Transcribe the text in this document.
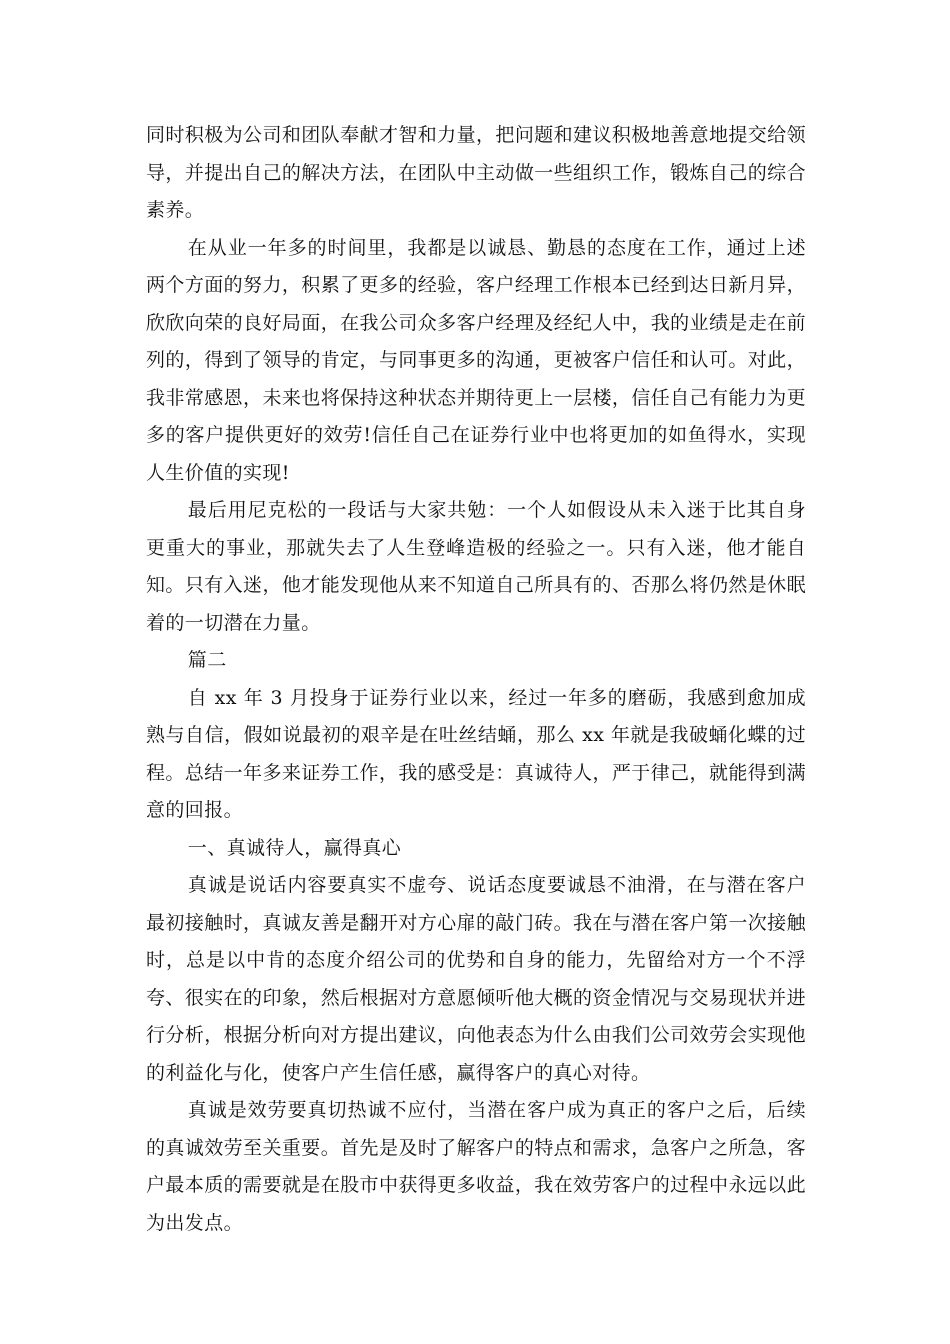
同时积极为公司和团队奉献才智和力量，把问题和建议积极地善意地提交给领导，并提出自己的解决方法，在团队中主动做一些组织工作，锻炼自己的综合素养。

在从业一年多的时间里，我都是以诚恳、勤恳的态度在工作，通过上述两个方面的努力，积累了更多的经验，客户经理工作根本已经到达日新月异，欣欣向荣的良好局面，在我公司众多客户经理及经纪人中，我的业绩是走在前列的，得到了领导的肯定，与同事更多的沟通，更被客户信任和认可。对此，我非常感恩，未来也将保持这种状态并期待更上一层楼，信任自己有能力为更多的客户提供更好的效劳!信任自己在证券行业中也将更加的如鱼得水，实现人生价值的实现!

最后用尼克松的一段话与大家共勉：一个人如假设从未入迷于比其自身更重大的事业，那就失去了人生登峰造极的经验之一。只有入迷，他才能自知。只有入迷，他才能发现他从来不知道自己所具有的、否那么将仍然是休眠着的一切潜在力量。

篇二

自 xx 年 3 月投身于证券行业以来，经过一年多的磨砺，我感到愈加成熟与自信，假如说最初的艰辛是在吐丝结蛹，那么 xx 年就是我破蛹化蝶的过程。总结一年多来证券工作，我的感受是：真诚待人，严于律己，就能得到满意的回报。

一、真诚待人，赢得真心

真诚是说话内容要真实不虚夸、说话态度要诚恳不油滑，在与潜在客户最初接触时，真诚友善是翻开对方心扉的敲门砖。我在与潜在客户第一次接触时，总是以中肯的态度介绍公司的优势和自身的能力，先留给对方一个不浮夸、很实在的印象，然后根据对方意愿倾听他大概的资金情况与交易现状并进行分析，根据分析向对方提出建议，向他表态为什么由我们公司效劳会实现他的利益化与化，使客户产生信任感，赢得客户的真心对待。

真诚是效劳要真切热诚不应付，当潜在客户成为真正的客户之后，后续的真诚效劳至关重要。首先是及时了解客户的特点和需求，急客户之所急，客户最本质的需要就是在股市中获得更多收益，我在效劳客户的过程中永远以此为出发点。
